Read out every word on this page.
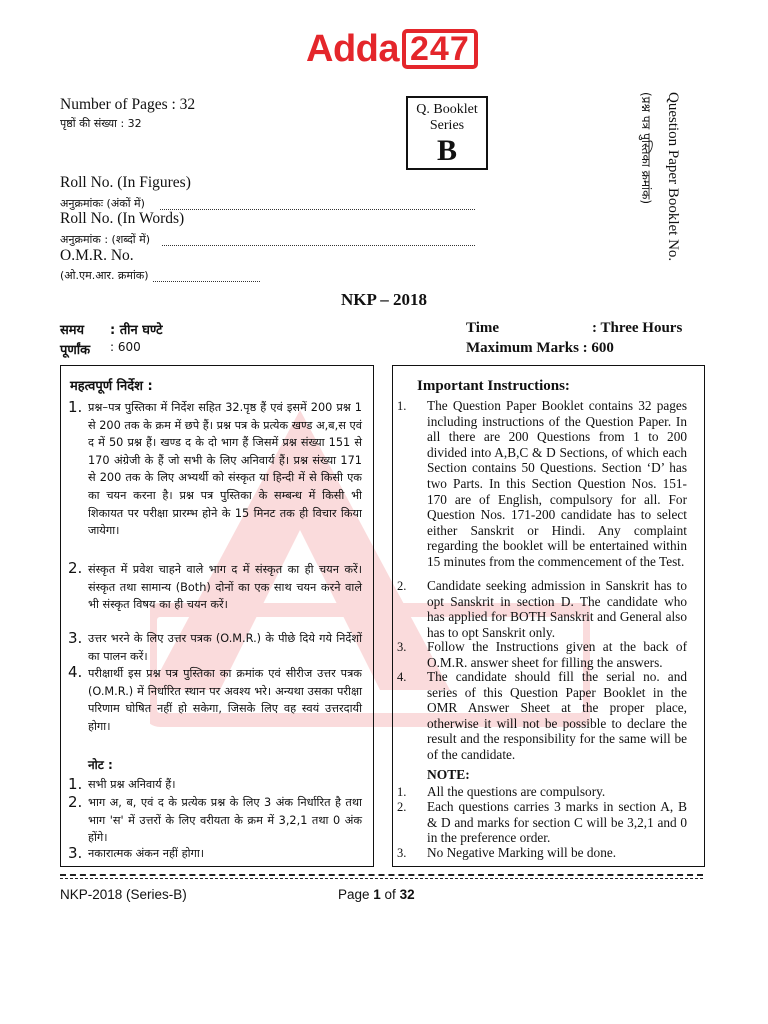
Adda 247
Number of Pages : 32
पृष्ठों की संख्या : 32
Roll No. (In Figures)
अनुक्रमांकः (अंकों में)
Roll No. (In Words)
अनुक्रमांक : (शब्दों में)
O.M.R. No.
(ओ.एम.आर. क्रमांक)
Q. Booklet
Series
B	Question Paper Booklet No.
(प्रश्न पत्र पुस्तिका क्रमांक)
NKP – 2018
समय : तीन घण्टे
पूर्णांक : 600
Time	: Three Hours
Maximum Marks : 600
महत्वपूर्ण निर्देश :
1. प्रश्न–पत्र पुस्तिका में निर्देश सहित 32.पृष्ठ हैं एवं इसमें 200 प्रश्न 1 से 200 तक के क्रम में छपे हैं। प्रश्न पत्र के प्रत्येक खण्ड अ,ब,स एवं द में 50 प्रश्न हैं। खण्ड द के दो भाग हैं जिसमें प्रश्न संख्या 151 से 170 अंग्रेजी के हैं जो सभी के लिए अनिवार्य हैं। प्रश्न संख्या 171 से 200 तक के लिए अभ्यर्थी को संस्कृत या हिन्दी में से किसी एक का चयन करना है। प्रश्न पत्र पुस्तिका के सम्बन्ध में किसी भी शिकायत पर परीक्षा प्रारम्भ होने के 15 मिनट तक ही विचार किया जायेगा।
2. संस्कृत में प्रवेश चाहने वाले भाग द में संस्कृत का ही चयन करें। संस्कृत तथा सामान्य (Both) दोनों का एक साथ चयन करने वाले भी संस्कृत विषय का ही चयन करें।
3. उत्तर भरने के लिए उत्तर पत्रक (O.M.R.) के पीछे दिये गये निर्देशों का पालन करें।
4. परीक्षार्थी इस प्रश्न पत्र पुस्तिका का क्रमांक एवं सीरीज उत्तर पत्रक (O.M.R.) में निर्धारित स्थान पर अवश्य भरे। अन्यथा उसका परीक्षा परिणाम घोषित नहीं हो सकेगा, जिसके लिए वह स्वयं उत्तरदायी होगा।
नोट :
1. सभी प्रश्न अनिवार्य हैं।
2. भाग अ, ब, एवं द के प्रत्येक प्रश्न के लिए 3 अंक निर्धारित है तथा भाग 'स' में उत्तरों के लिए वरीयता के क्रम में 3,2,1 तथा 0 अंक होंगे।
3. नकारात्मक अंकन नहीं होगा।
Important Instructions:
1. The Question Paper Booklet contains 32 pages including instructions of the Question Paper. In all there are 200 Questions from 1 to 200 divided into A,B,C & D Sections, of which each Section contains 50 Questions. Section ‘D’ has two Parts. In this Section Question Nos. 151-170 are of English, compulsory for all. For Question Nos. 171-200 candidate has to select either Sanskrit or Hindi. Any complaint regarding the booklet will be entertained within 15 minutes from the commencement of the Test.
2. Candidate seeking admission in Sanskrit has to opt Sanskrit in section D. The candidate who has applied for BOTH Sanskrit and General also has to opt Sanskrit only.
3. Follow the Instructions given at the back of O.M.R. answer sheet for filling the answers.
4. The candidate should fill the serial no. and series of this Question Paper Booklet in the OMR Answer Sheet at the proper place, otherwise it will not be possible to declare the result and the responsibility for the same will be of the candidate.
NOTE:
1. All the questions are compulsory.
2. Each questions carries 3 marks in section A, B & D and marks for section C will be 3,2,1 and 0 in the preference order.
3. No Negative Marking will be done.
NKP-2018 (Series-B)	Page 1 of 32
